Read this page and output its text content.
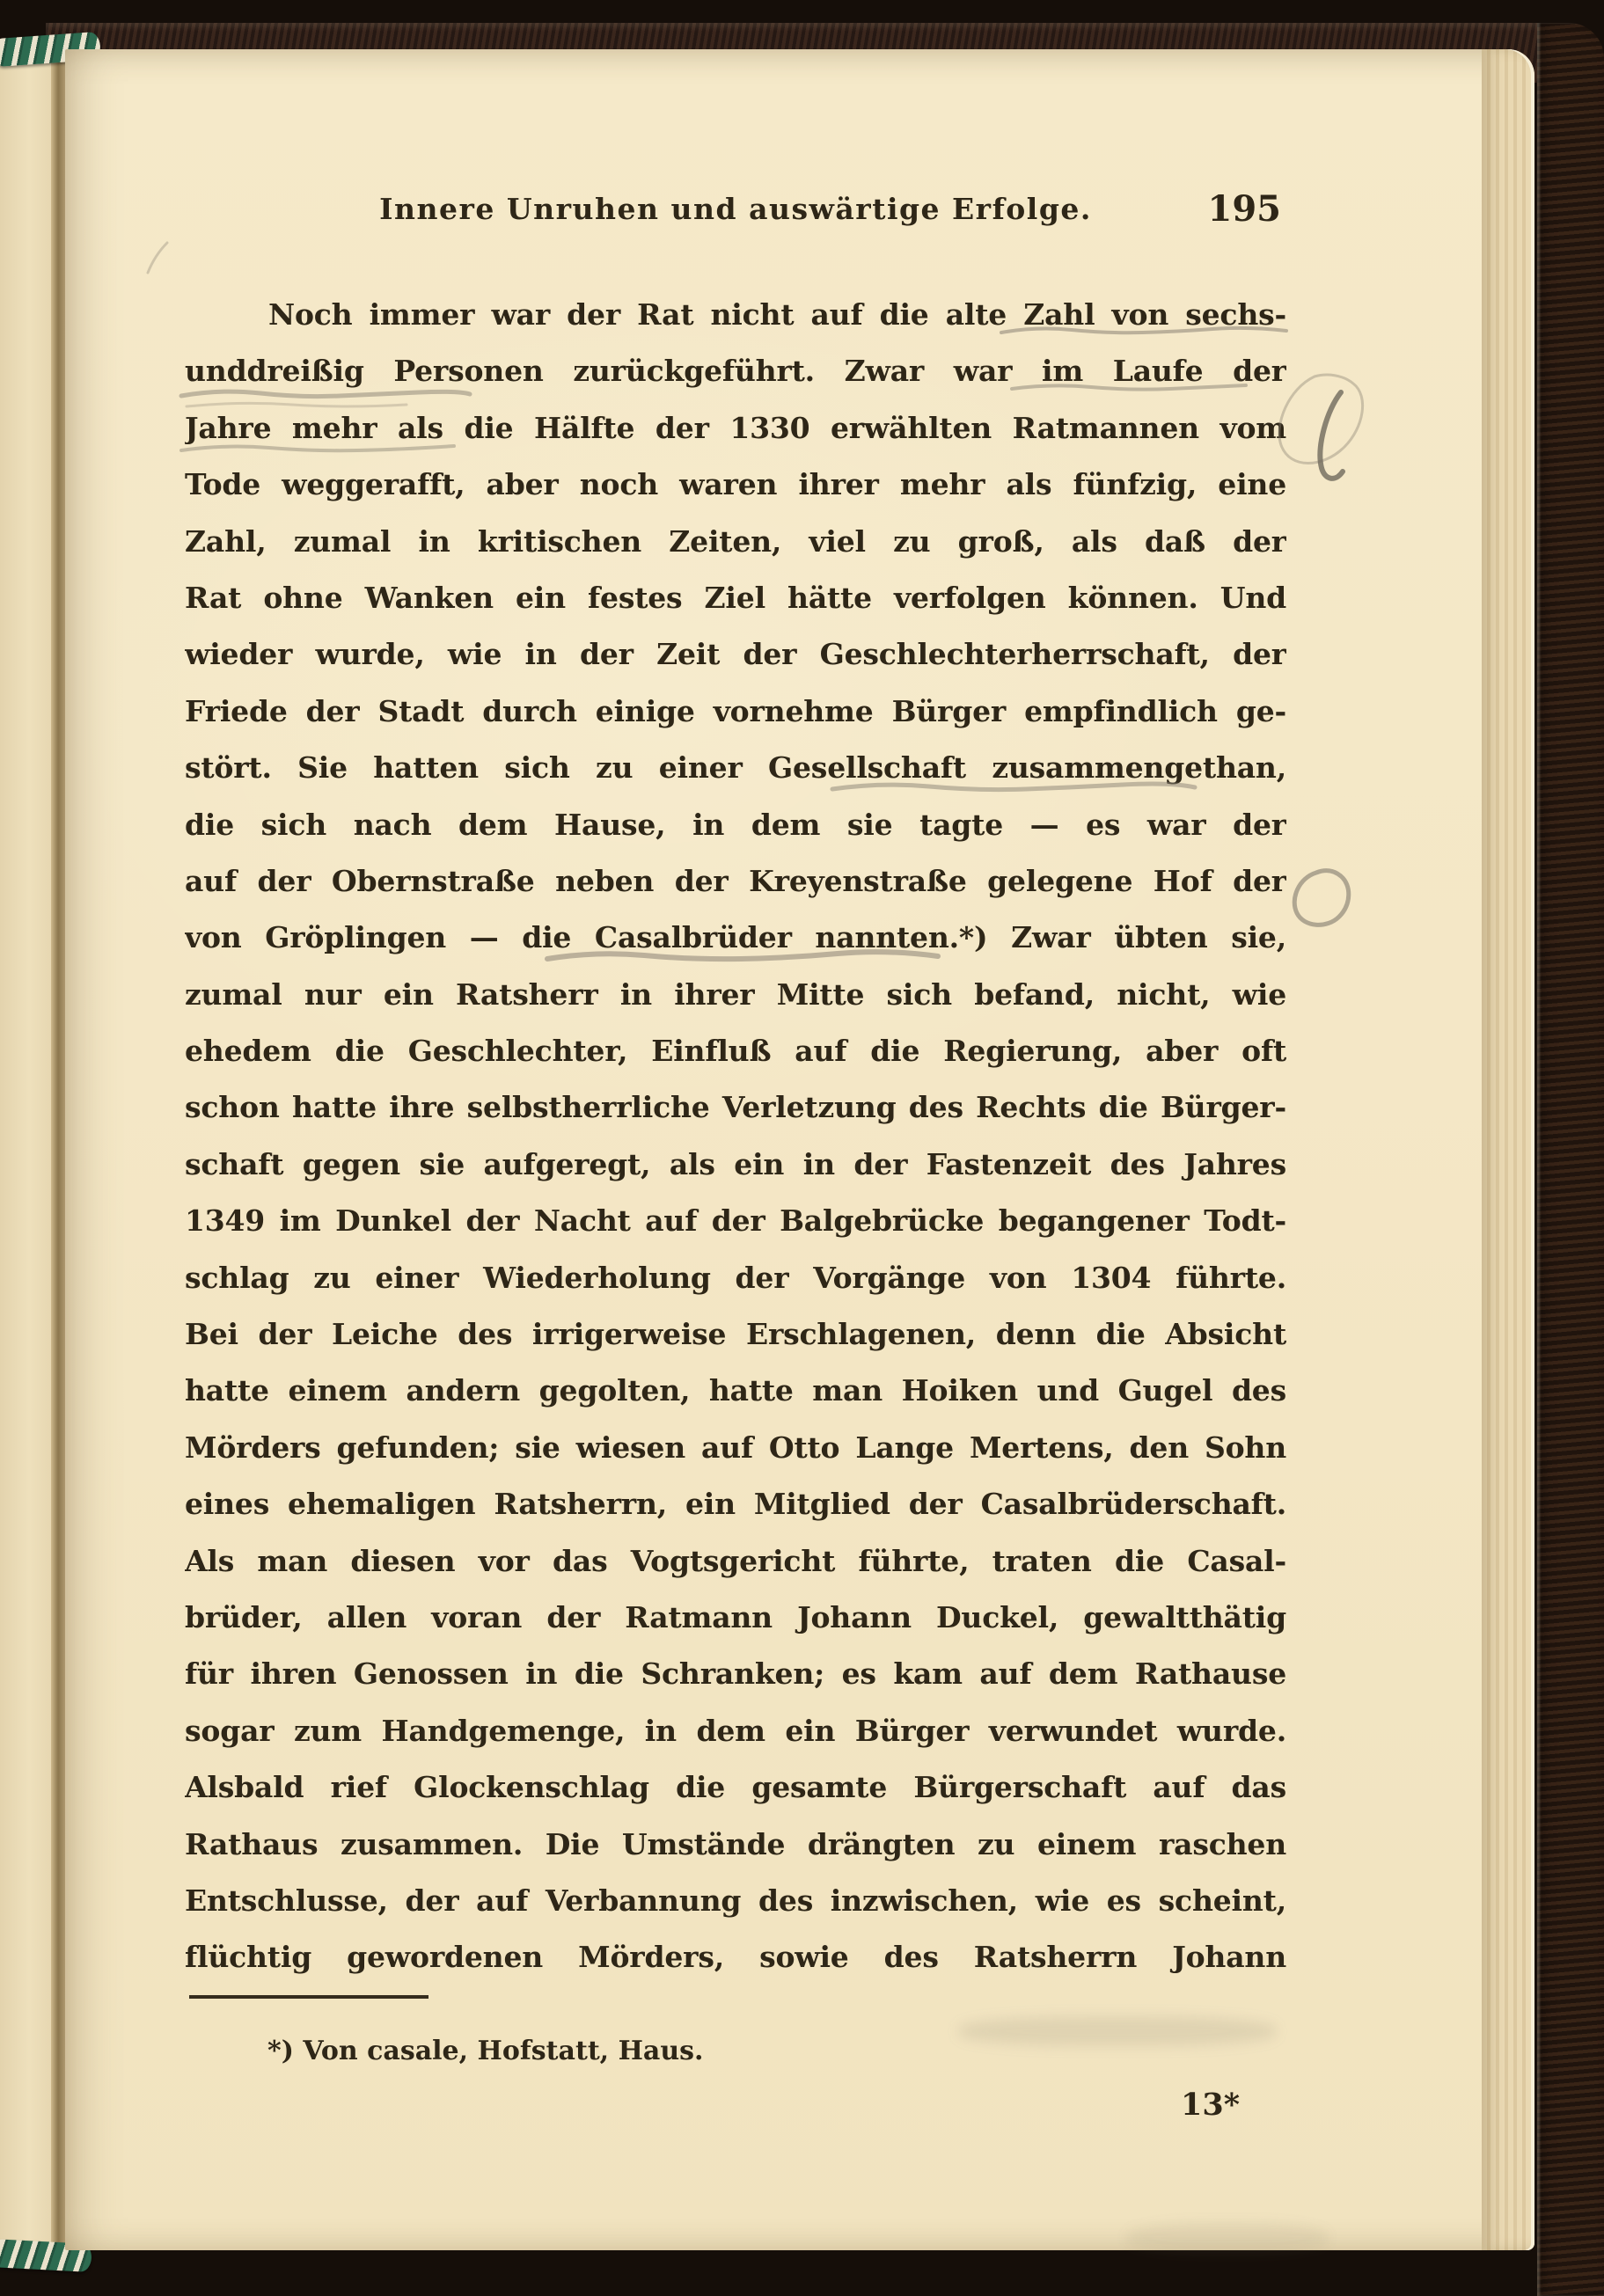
Innere Unruhen und auswärtige Erfolge.	195
Noch immer war der Rat nicht auf die alte Zahl von sechs-
unddreißig Personen zurückgeführt. Zwar war im Laufe der
Jahre mehr als die Hälfte der 1330 erwählten Ratmannen vom
Tode weggerafft, aber noch waren ihrer mehr als fünfzig, eine
Zahl, zumal in kritischen Zeiten, viel zu groß, als daß der
Rat ohne Wanken ein festes Ziel hätte verfolgen können. Und
wieder wurde, wie in der Zeit der Geschlechterherrschaft, der
Friede der Stadt durch einige vornehme Bürger empfindlich ge-
stört. Sie hatten sich zu einer Gesellschaft zusammengethan,
die sich nach dem Hause, in dem sie tagte — es war der
auf der Obernstraße neben der Kreyenstraße gelegene Hof der
von Gröplingen — die Casalbrüder nannten.*) Zwar übten sie,
zumal nur ein Ratsherr in ihrer Mitte sich befand, nicht, wie
ehedem die Geschlechter, Einfluß auf die Regierung, aber oft
schon hatte ihre selbstherrliche Verletzung des Rechts die Bürger-
schaft gegen sie aufgeregt, als ein in der Fastenzeit des Jahres
1349 im Dunkel der Nacht auf der Balgebrücke begangener Todt-
schlag zu einer Wiederholung der Vorgänge von 1304 führte.
Bei der Leiche des irrigerweise Erschlagenen, denn die Absicht
hatte einem andern gegolten, hatte man Hoiken und Gugel des
Mörders gefunden; sie wiesen auf Otto Lange Mertens, den Sohn
eines ehemaligen Ratsherrn, ein Mitglied der Casalbrüderschaft.
Als man diesen vor das Vogtsgericht führte, traten die Casal-
brüder, allen voran der Ratmann Johann Duckel, gewaltthätig
für ihren Genossen in die Schranken; es kam auf dem Rathause
sogar zum Handgemenge, in dem ein Bürger verwundet wurde.
Alsbald rief Glockenschlag die gesamte Bürgerschaft auf das
Rathaus zusammen. Die Umstände drängten zu einem raschen
Entschlusse, der auf Verbannung des inzwischen, wie es scheint,
flüchtig gewordenen Mörders, sowie des Ratsherrn Johann
*) Von casale, Hofstatt, Haus.
13*
